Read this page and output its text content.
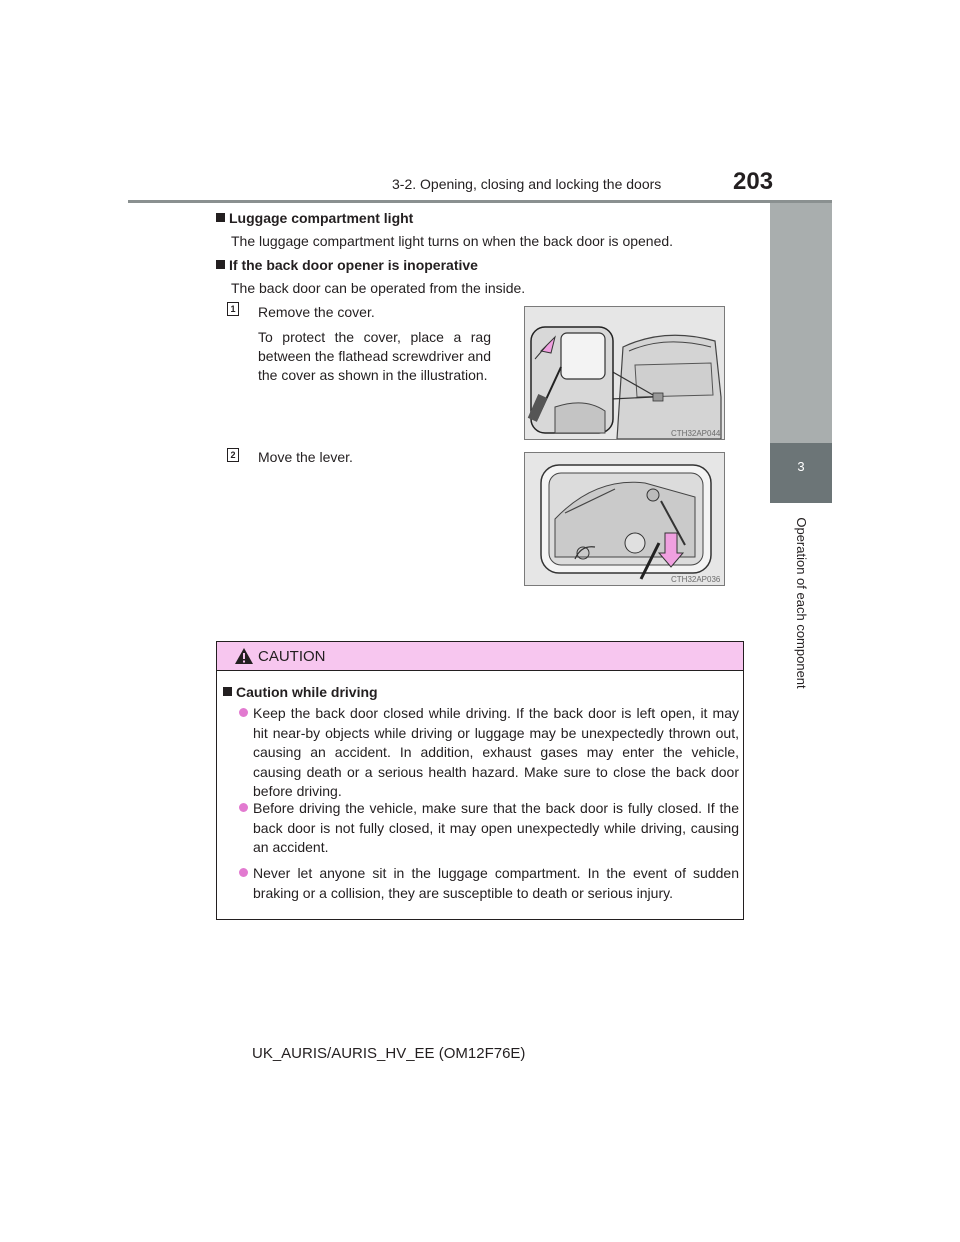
3-2. Opening, closing and locking the doors	203
3
Operation of each component
Luggage compartment light
The luggage compartment light turns on when the back door is opened.
If the back door opener is inoperative
The back door can be operated from the inside.
1 Remove the cover.
To protect the cover, place a rag between the flathead screwdriver and the cover as shown in the illustration.
CTH32AP044
2 Move the lever.
CTH32AP036
CAUTION
Caution while driving
Keep the back door closed while driving. If the back door is left open, it may hit near-by objects while driving or luggage may be unexpectedly thrown out, causing an accident. In addition, exhaust gases may enter the vehicle, causing death or a serious health hazard. Make sure to close the back door before driving.
Before driving the vehicle, make sure that the back door is fully closed. If the back door is not fully closed, it may open unexpectedly while driving, causing an accident.
Never let anyone sit in the luggage compartment. In the event of sudden braking or a collision, they are susceptible to death or serious injury.
UK_AURIS/AURIS_HV_EE (OM12F76E)
